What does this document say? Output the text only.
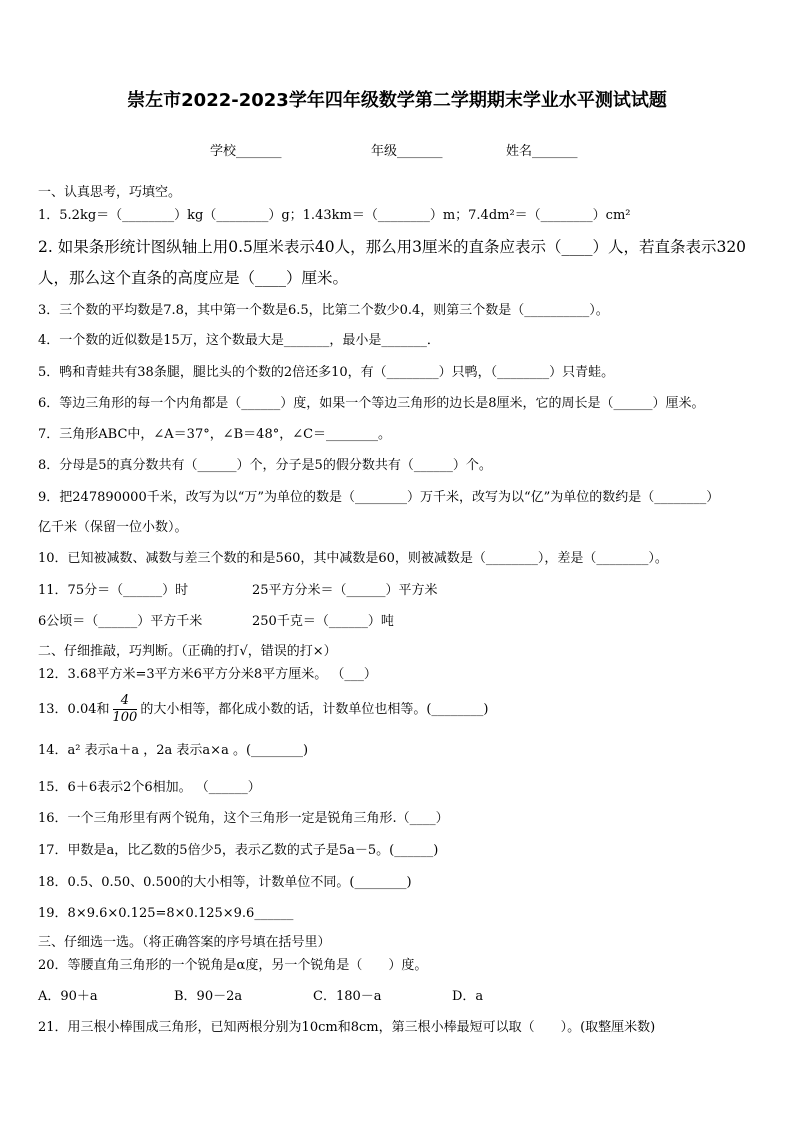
崇左市2022-2023学年四年级数学第二学期期末学业水平测试试题
学校_______	年级_______	姓名_______
一、认真思考，巧填空。
1．5.2kg＝（________）kg（________）g；1.43km＝（________）m；7.4dm²＝（________）cm²
2. 如果条形统计图纵轴上用0.5厘米表示40人，那么用3厘米的直条应表示（____）人，若直条表示320
人，那么这个直条的高度应是（____）厘米。
3．三个数的平均数是7.8，其中第一个数是6.5，比第二个数少0.4，则第三个数是（__________）。
4．一个数的近似数是15万，这个数最大是_______，最小是_______．
5．鸭和青蛙共有38条腿，腿比头的个数的2倍还多10，有（________）只鸭，（________）只青蛙。
6．等边三角形的每一个内角都是（______）度，如果一个等边三角形的边长是8厘米，它的周长是（______）厘米。
7．三角形ABC中，∠A＝37°，∠B＝48°，∠C＝________。
8．分母是5的真分数共有（______）个，分子是5的假分数共有（______）个。
9．把247890000千米，改写为以“万”为单位的数是（________）万千米，改写为以“亿”为单位的数约是（________）
亿千米（保留一位小数）。
10．已知被减数、减数与差三个数的和是560，其中减数是60，则被减数是（________），差是（________）。
11．75分＝（______）时	25平方分米＝（______）平方米
6公顷＝（______）平方千米	250千克＝（______）吨
二、仔细推敲，巧判断。（正确的打√，错误的打×）
12．3.68平方米=3平方米6平方分米8平方厘米。 （___）
13．0.04和 $\frac{4}{100}$ 的大小相等，都化成小数的话，计数单位也相等。(________)
14．a² 表示a＋a ，2a 表示a×a 。(________)
15．6＋6表示2个6相加。 （______）
16．一个三角形里有两个锐角，这个三角形一定是锐角三角形.（____）
17．甲数是a，比乙数的5倍少5，表示乙数的式子是5a－5。(______)
18．0.5、0.50、0.500的大小相等，计数单位不同。(________)
19．8×9.6×0.125=8×0.125×9.6______
三、仔细选一选。（将正确答案的序号填在括号里）
20．等腰直角三角形的一个锐角是α度，另一个锐角是（　　）度。
A．90＋a	B．90－2a	C．180－a	D．a
21．用三根小棒围成三角形，已知两根分别为10cm和8cm，第三根小棒最短可以取（　　）。(取整厘米数)
